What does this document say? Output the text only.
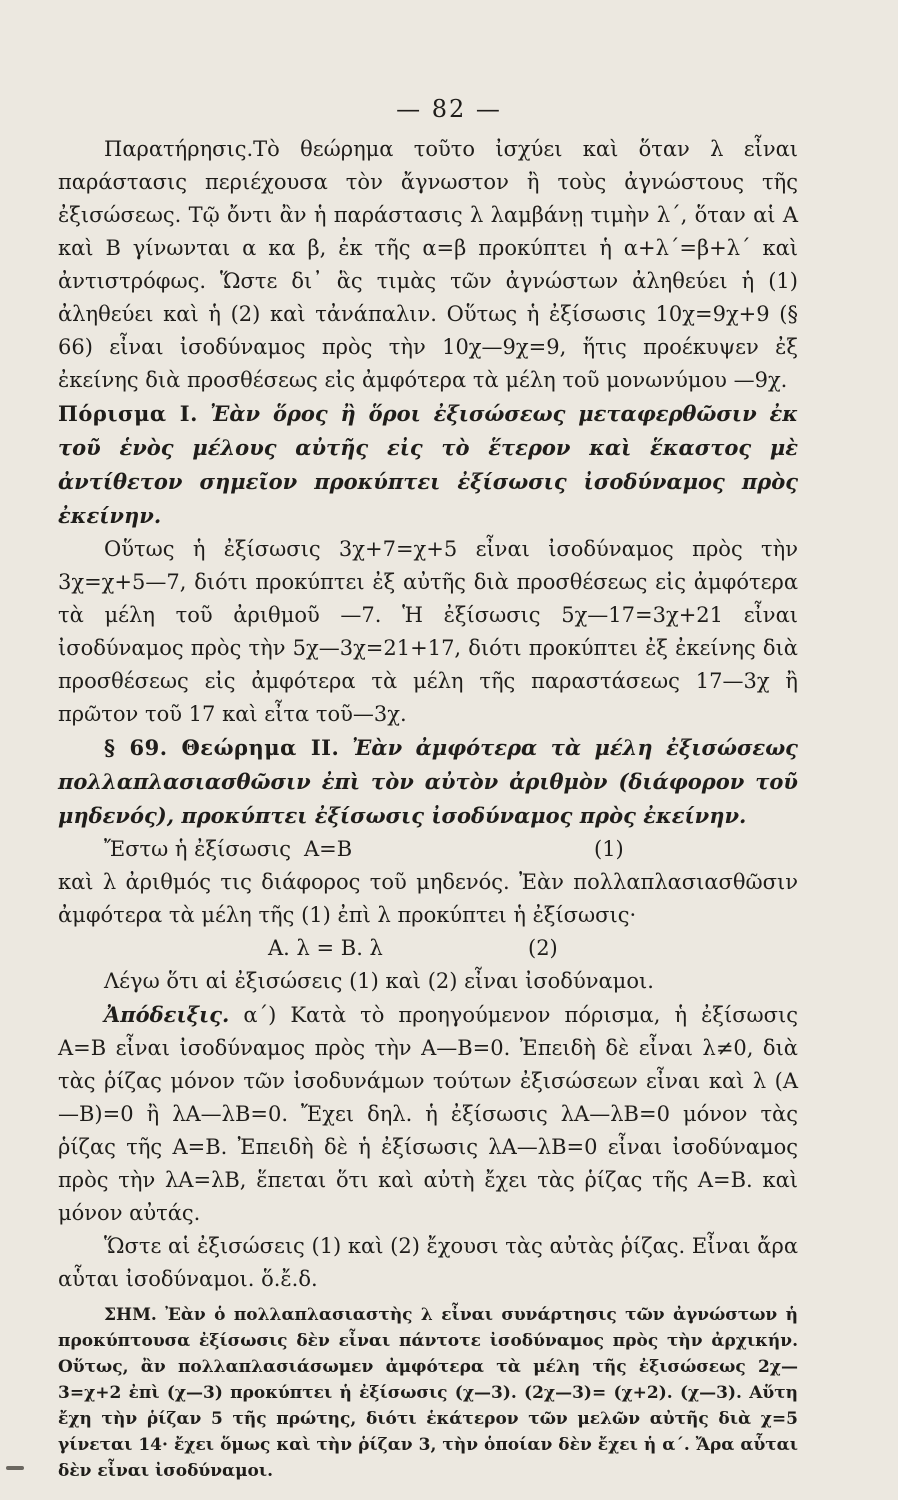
— 82 —

Παρατήρησις.Τὸ θεώρημα τοῦτο ἰσχύει καὶ ὅταν λ εἶναι παράστασις περιέχουσα τὸν ἄγνωστον ἢ τοὺς ἀγνώστους τῆς ἐξισώσεως. Τῷ ὄντι ἂν ἡ παράστασις λ λαμβάνῃ τιμὴν λ΄, ὅταν αἱ Α καὶ Β γίνωνται α κα β, ἐκ τῆς α=β προκύπτει ἡ α+λ΄=β+λ΄ καὶ ἀντιστρόφως. Ὥστε δι᾿ ἃς τιμὰς τῶν ἀγνώστων ἀληθεύει ἡ (1) ἀληθεύει καὶ ἡ (2) καὶ τἀνάπαλιν. Οὕτως ἡ ἐξίσωσις 10χ=9χ+9 (§ 66) εἶναι ἰσοδύναμος πρὸς τὴν 10χ—9χ=9, ἥτις προέκυψεν ἐξ ἐκείνης διὰ προσθέσεως εἰς ἀμφότερα τὰ μέλη τοῦ μονωνύμου —9χ.

Πόρισμα Ι. Ἐὰν ὅρος ἢ ὅροι ἐξισώσεως μεταφερθῶσιν ἐκ τοῦ ἑνὸς μέλους αὐτῆς εἰς τὸ ἕτερον καὶ ἕκαστος μὲ ἀντίθετον σημεῖον προκύπτει ἐξίσωσις ἰσοδύναμος πρὸς ἐκείνην.

Οὕτως ἡ ἐξίσωσις 3χ+7=χ+5 εἶναι ἰσοδύναμος πρὸς τὴν 3χ=χ+5—7, διότι προκύπτει ἐξ αὐτῆς διὰ προσθέσεως εἰς ἀμφότερα τὰ μέλη τοῦ ἀριθμοῦ —7. Ἡ ἐξίσωσις 5χ—17=3χ+21 εἶναι ἰσοδύναμος πρὸς τὴν 5χ—3χ=21+17, διότι προκύπτει ἐξ ἐκείνης διὰ προσθέσεως εἰς ἀμφότερα τὰ μέλη τῆς παραστάσεως 17—3χ ἢ πρῶτον τοῦ 17 καὶ εἶτα τοῦ—3χ.

§ 69. Θεώρημα ΙΙ. Ἐὰν ἀμφότερα τὰ μέλη ἐξισώσεως πολλαπλασιασθῶσιν ἐπὶ τὸν αὐτὸν ἀριθμὸν (διάφορον τοῦ μηδενός), προκύπτει ἐξίσωσις ἰσοδύναμος πρὸς ἐκείνην.

Ἔστω ἡ ἐξίσωσις Α=Β	(1)

καὶ λ ἀριθμός τις διάφορος τοῦ μηδενός. Ἐὰν πολλαπλασιασθῶσιν ἀμφότερα τὰ μέλη τῆς (1) ἐπὶ λ προκύπτει ἡ ἐξίσωσις·

Α. λ = Β. λ	(2)

Λέγω ὅτι αἱ ἐξισώσεις (1) καὶ (2) εἶναι ἰσοδύναμοι.

Ἀπόδειξις. α΄) Κατὰ τὸ προηγούμενον πόρισμα, ἡ ἐξίσωσις Α=Β εἶναι ἰσοδύναμος πρὸς τὴν Α—Β=0. Ἐπειδὴ δὲ εἶναι λ≠0, διὰ τὰς ῥίζας μόνον τῶν ἰσοδυνάμων τούτων ἐξισώσεων εἶναι καὶ λ (Α—Β)=0 ἢ λΑ—λΒ=0. Ἔχει δηλ. ἡ ἐξίσωσις λΑ—λΒ=0 μόνον τὰς ῥίζας τῆς Α=Β. Ἐπειδὴ δὲ ἡ ἐξίσωσις λΑ—λΒ=0 εἶναι ἰσοδύναμος πρὸς τὴν λΑ=λΒ, ἕπεται ὅτι καὶ αὐτὴ ἔχει τὰς ῥίζας τῆς Α=Β. καὶ μόνον αὐτάς.

Ὥστε αἱ ἐξισώσεις (1) καὶ (2) ἔχουσι τὰς αὐτὰς ῥίζας. Εἶναι ἄρα αὗται ἰσοδύναμοι. ὅ.ἔ.δ.

ΣΗΜ. Ἐὰν ὁ πολλαπλασιαστὴς λ εἶναι συνάρτησις τῶν ἀγνώστων ἡ προκύπτουσα ἐξίσωσις δὲν εἶναι πάντοτε ἰσοδύναμος πρὸς τὴν ἀρχικήν. Οὕτως, ἂν πολλαπλασιάσωμεν ἀμφότερα τὰ μέλη τῆς ἐξισώσεως 2χ—3=χ+2 ἐπὶ (χ—3) προκύπτει ἡ ἐξίσωσις (χ—3). (2χ—3)= (χ+2). (χ—3). Αὕτη ἔχη τὴν ῥίζαν 5 τῆς πρώτης, διότι ἑκάτερον τῶν μελῶν αὐτῆς διὰ χ=5 γίνεται 14· ἔχει ὅμως καὶ τὴν ῥίζαν 3, τὴν ὁποίαν δὲν ἔχει ἡ α΄. Ἄρα αὗται δὲν εἶναι ἰσοδύναμοι.
